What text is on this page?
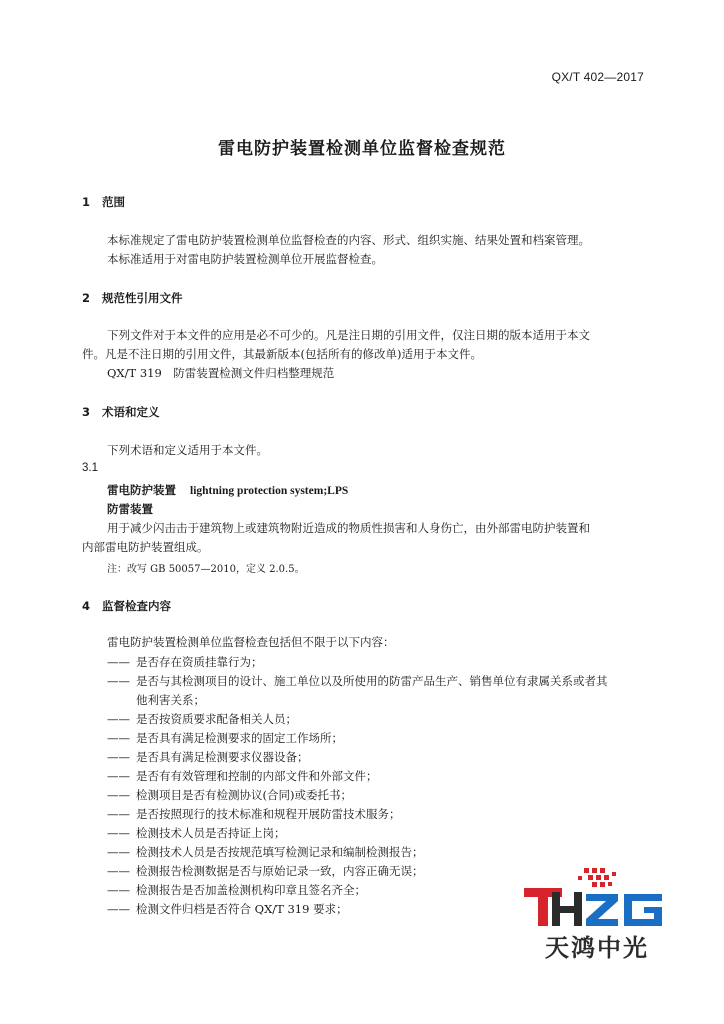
QX/T 402—2017
雷电防护装置检测单位监督检查规范
1 范围
本标准规定了雷电防护装置检测单位监督检查的内容、形式、组织实施、结果处置和档案管理。
本标准适用于对雷电防护装置检测单位开展监督检查。
2 规范性引用文件
下列文件对于本文件的应用是必不可少的。凡是注日期的引用文件，仅注日期的版本适用于本文
件。凡是不注日期的引用文件，其最新版本(包括所有的修改单)适用于本文件。
QX/T 319　防雷装置检测文件归档整理规范
3 术语和定义
下列术语和定义适用于本文件。
3.1
雷电防护装置 lightning protection system;LPS
防雷装置
用于减少闪击击于建筑物上或建筑物附近造成的物质性损害和人身伤亡，由外部雷电防护装置和
内部雷电防护装置组成。
注：改写 GB 50057—2010，定义 2.0.5。
4 监督检查内容
雷电防护装置检测单位监督检查包括但不限于以下内容：
—— 是否存在资质挂靠行为；
—— 是否与其检测项目的设计、施工单位以及所使用的防雷产品生产、销售单位有隶属关系或者其
他利害关系；
—— 是否按资质要求配备相关人员；
—— 是否具有满足检测要求的固定工作场所；
—— 是否具有满足检测要求仪器设备；
—— 是否有有效管理和控制的内部文件和外部文件；
—— 检测项目是否有检测协议(合同)或委托书；
—— 是否按照现行的技术标准和规程开展防雷技术服务；
—— 检测技术人员是否持证上岗；
—— 检测技术人员是否按规范填写检测记录和编制检测报告；
—— 检测报告检测数据是否与原始记录一致，内容正确无误；
—— 检测报告是否加盖检测机构印章且签名齐全；
—— 检测文件归档是否符合 QX/T 319 要求；
天鸿中光
